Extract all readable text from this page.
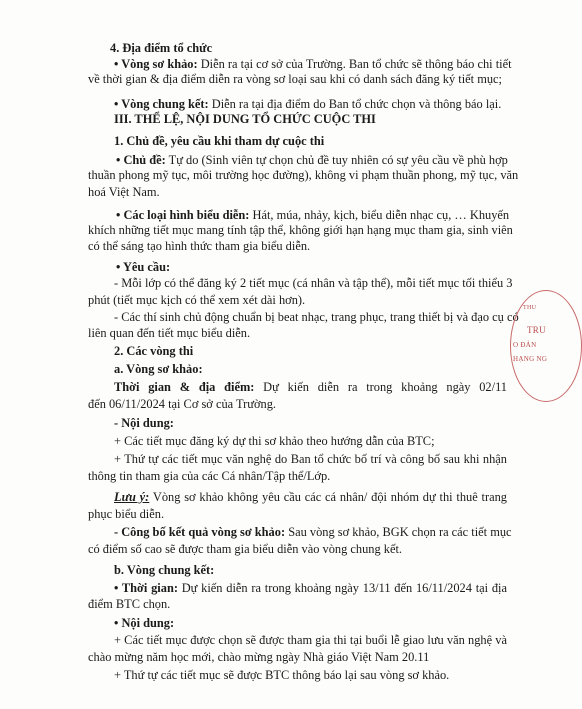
4. Địa điểm tổ chức
• Vòng sơ khảo: Diễn ra tại cơ sở của Trường. Ban tổ chức sẽ thông báo chi tiết
về thời gian & địa điểm diễn ra vòng sơ loại sau khi có danh sách đăng ký tiết mục;
• Vòng chung kết: Diễn ra tại địa điểm do Ban tổ chức chọn và thông báo lại.
III. THỂ LỆ, NỘI DUNG TỔ CHỨC CUỘC THI
1. Chủ đề, yêu cầu khi tham dự cuộc thi
• Chủ đề: Tự do (Sinh viên tự chọn chủ đề tuy nhiên có sự yêu cầu về phù hợp
thuần phong mỹ tục, môi trường học đường), không vi phạm thuần phong, mỹ tục, văn
hoá Việt Nam.
• Các loại hình biểu diễn: Hát, múa, nhảy, kịch, biểu diễn nhạc cụ, … Khuyến
khích những tiết mục mang tính tập thể, không giới hạn hạng mục tham gia, sinh viên
có thể sáng tạo hình thức tham gia biểu diễn.
• Yêu cầu:
- Mỗi lớp có thể đăng ký 2 tiết mục (cá nhân và tập thể), mỗi tiết mục tối thiểu 3
phút (tiết mục kịch có thể xem xét dài hơn).
- Các thí sinh chủ động chuẩn bị beat nhạc, trang phục, trang thiết bị và đạo cụ có
liên quan đến tiết mục biểu diễn.
2. Các vòng thi
a. Vòng sơ khảo:
Thời gian & địa điểm: Dự kiến diễn ra trong khoảng ngày 02/11
đến 06/11/2024 tại Cơ sở của Trường.
- Nội dung:
+ Các tiết mục đăng ký dự thi sơ khảo theo hướng dẫn của BTC;
+ Thứ tự các tiết mục văn nghệ do Ban tổ chức bố trí và công bố sau khi nhận
thông tin tham gia của các Cá nhân/Tập thể/Lớp.
Lưu ý: Vòng sơ khảo không yêu cầu các cá nhân/ đội nhóm dự thi thuê trang
phục biểu diễn.
- Công bố kết quả vòng sơ khảo: Sau vòng sơ khảo, BGK chọn ra các tiết mục
có điểm số cao sẽ được tham gia biểu diễn vào vòng chung kết.
b. Vòng chung kết:
• Thời gian: Dự kiến diễn ra trong khoảng ngày 13/11 đến 16/11/2024 tại địa
điểm BTC chọn.
• Nội dung:
+ Các tiết mục được chọn sẽ được tham gia thi tại buổi lễ giao lưu văn nghệ và
chào mừng năm học mới, chào mừng ngày Nhà giáo Việt Nam 20.11
+ Thứ tự các tiết mục sẽ được BTC thông báo lại sau vòng sơ khảo.
THU
TRU
O ĐẢN
HẠNG NG
